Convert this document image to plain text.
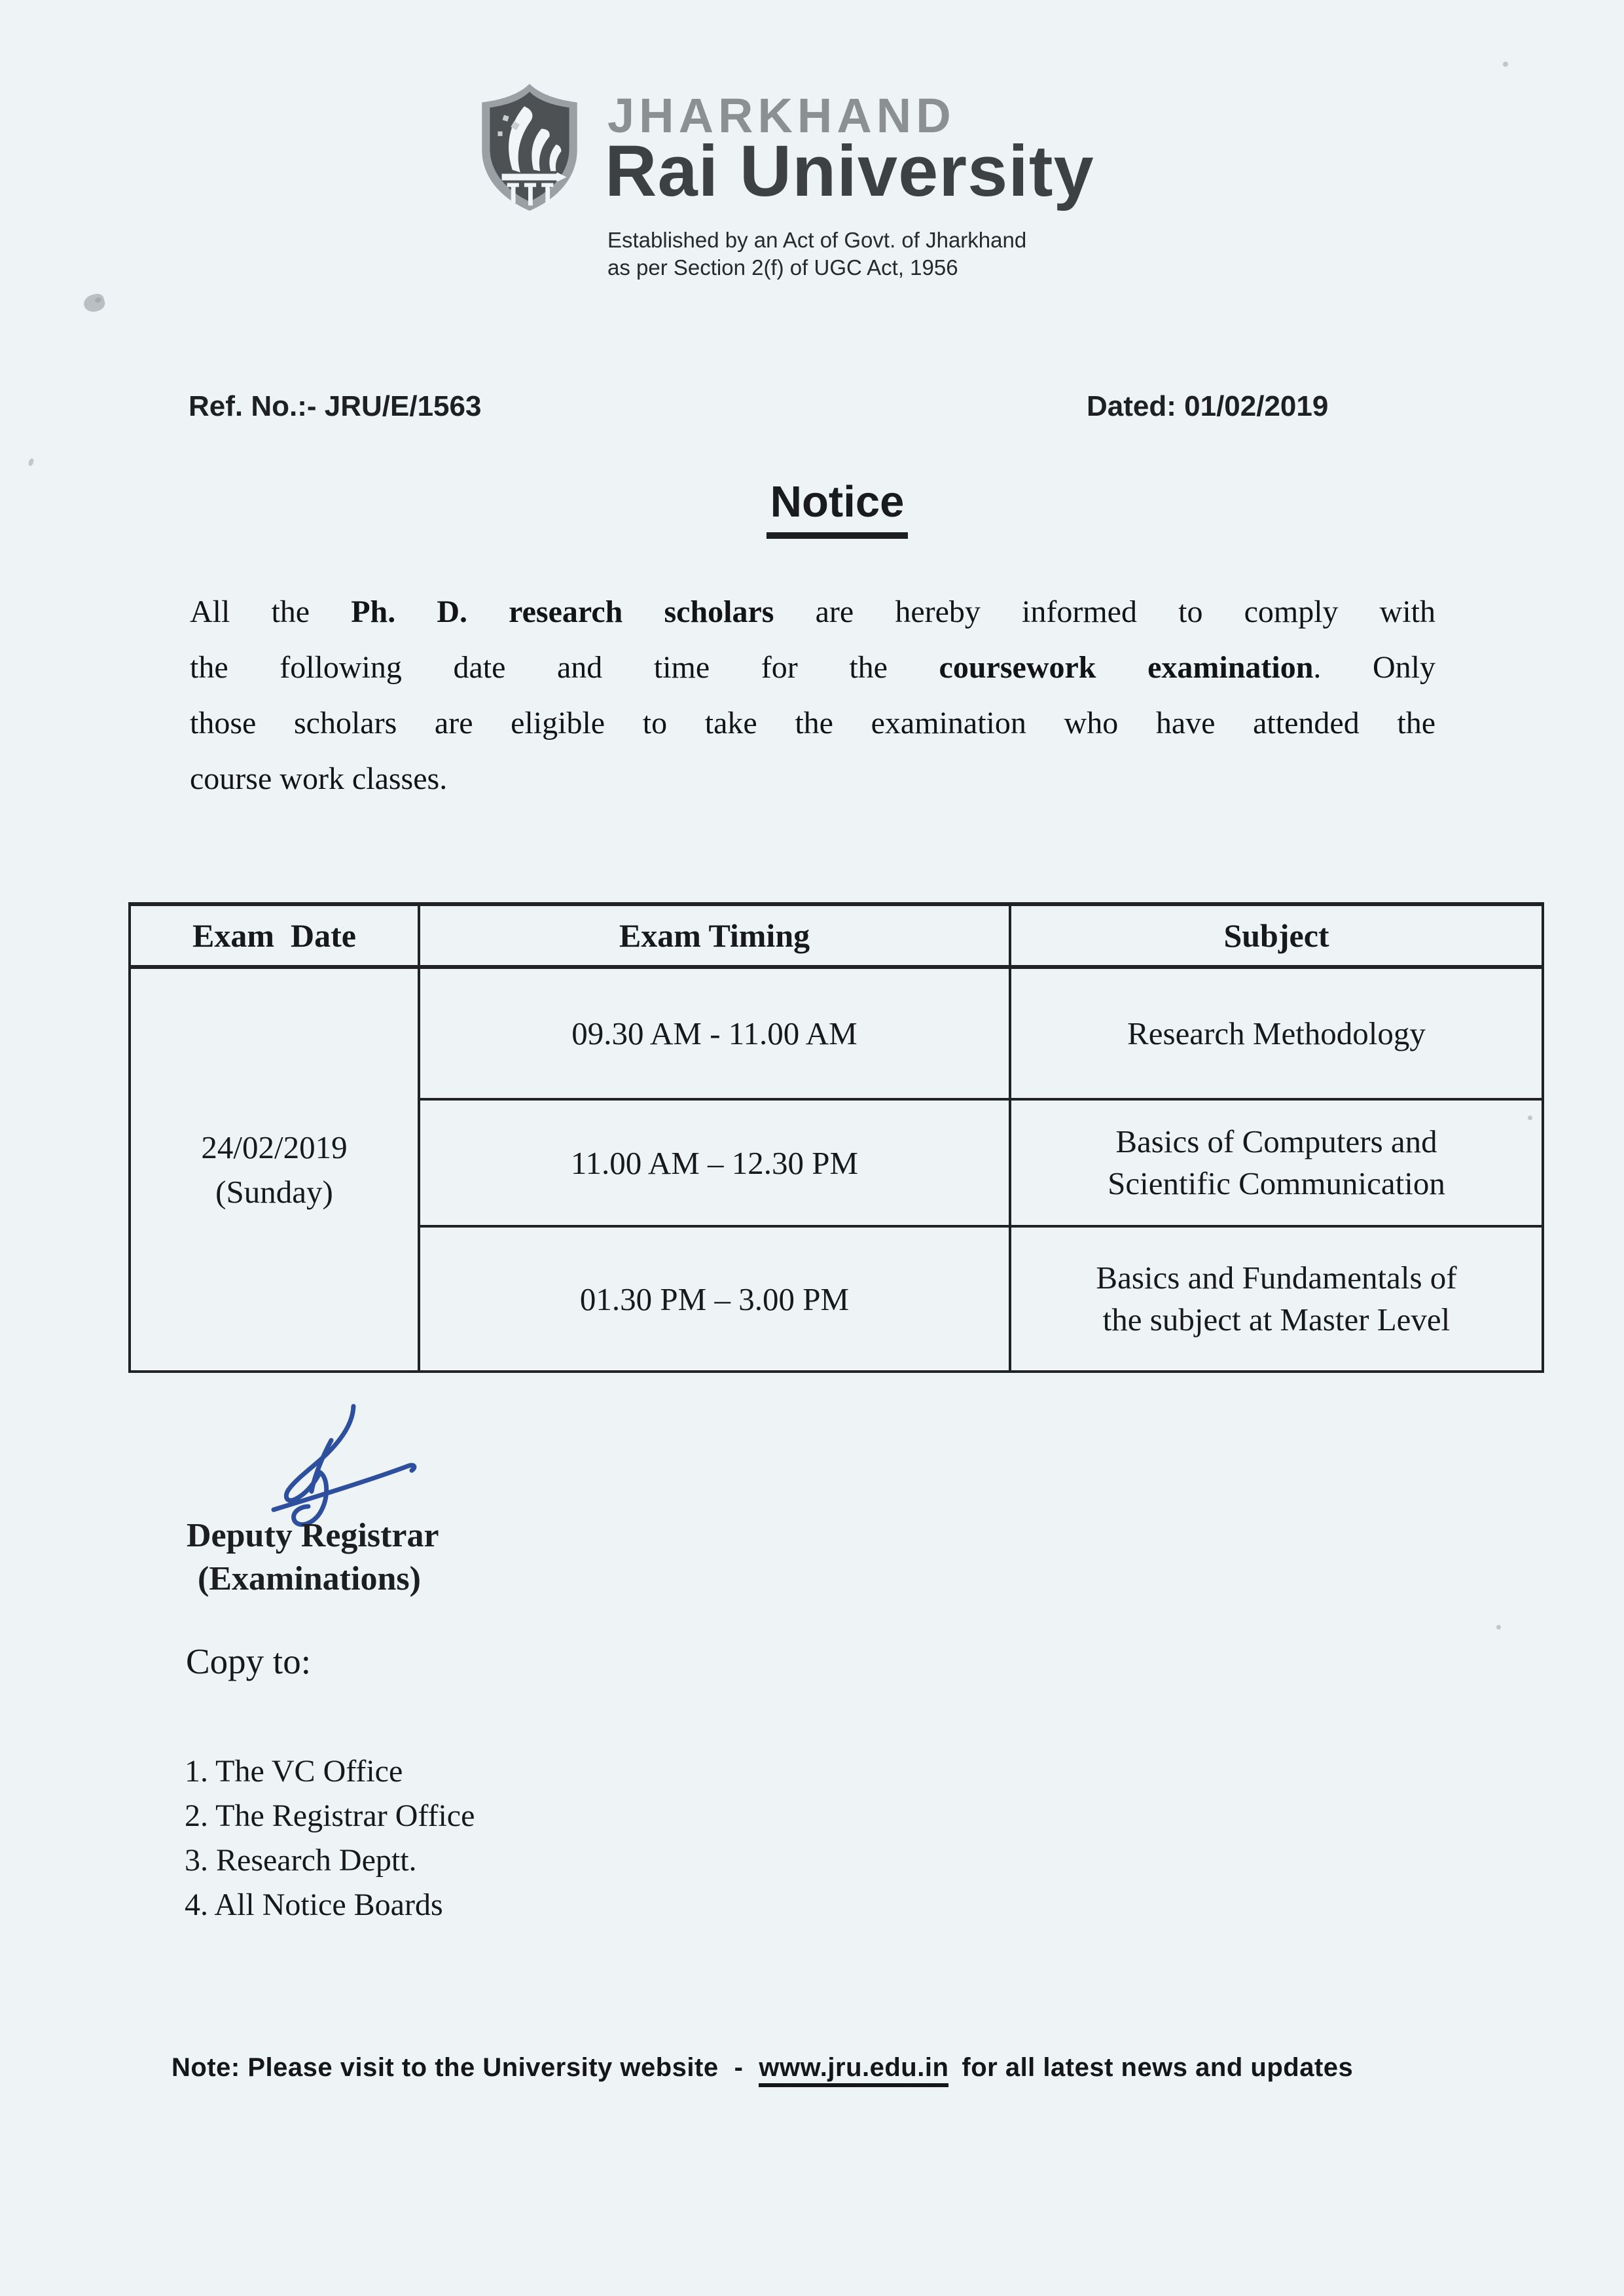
JHARKHAND
Rai University
Established by an Act of Govt. of Jharkhand
as per Section 2(f) of UGC Act, 1956
Ref. No.:- JRU/E/1563	Dated: 01/02/2019
Notice
All the Ph. D. research scholars are hereby informed to comply with
the following date and time for the coursework examination. Only
those scholars are eligible to take the examination who have attended the
course work classes.
Exam  Date	Exam Timing	Subject

24/02/2019
(Sunday)	09.30 AM - 11.00 AM	Research Methodology

	11.00 AM – 12.30 PM	Basics of Computers and
Scientific Communication

	01.30 PM – 3.00 PM	Basics and Fundamentals of
the subject at Master Level
Deputy Registrar
(Examinations)
Copy to:
1. The VC Office
2. The Registrar Office
3. Research Deptt.
4. All Notice Boards
Note: Please visit to the University website - www.jru.edu.in for all latest news and updates
